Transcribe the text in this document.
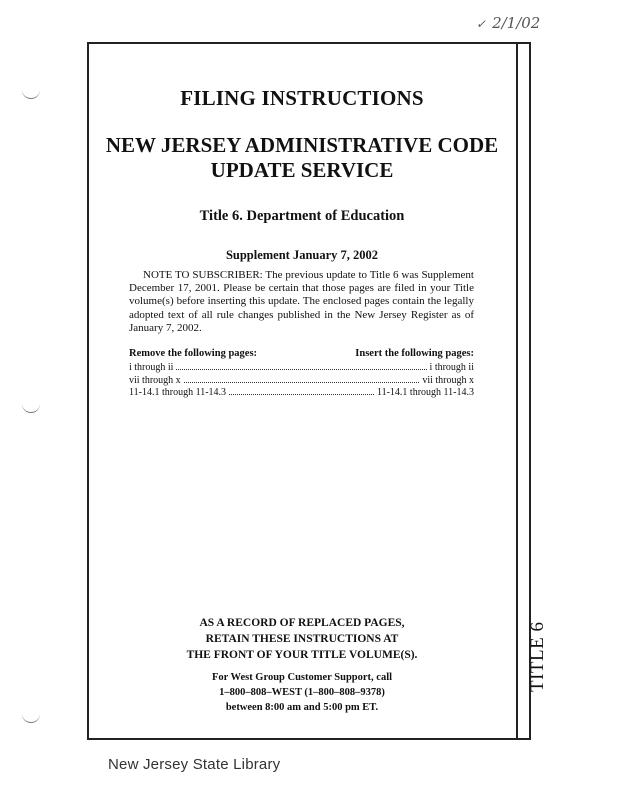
✓ 2/1/02
FILING INSTRUCTIONS
NEW JERSEY ADMINISTRATIVE CODE
UPDATE SERVICE
Title 6. Department of Education
Supplement January 7, 2002
NOTE TO SUBSCRIBER: The previous update to Title 6 was Supplement December 17, 2001. Please be certain that those pages are filed in your Title volume(s) before inserting this update. The enclosed pages contain the legally adopted text of all rule changes published in the New Jersey Register as of January 7, 2002.
Remove the following pages:	Insert the following pages:
i through ii	i through ii
vii through x	vii through x
11-14.1 through 11-14.3	11-14.1 through 11-14.3
AS A RECORD OF REPLACED PAGES,
RETAIN THESE INSTRUCTIONS AT
THE FRONT OF YOUR TITLE VOLUME(S).
For West Group Customer Support, call
1–800–808–WEST (1–800–808–9378)
between 8:00 am and 5:00 pm ET.
TITLE 6
New Jersey State Library
